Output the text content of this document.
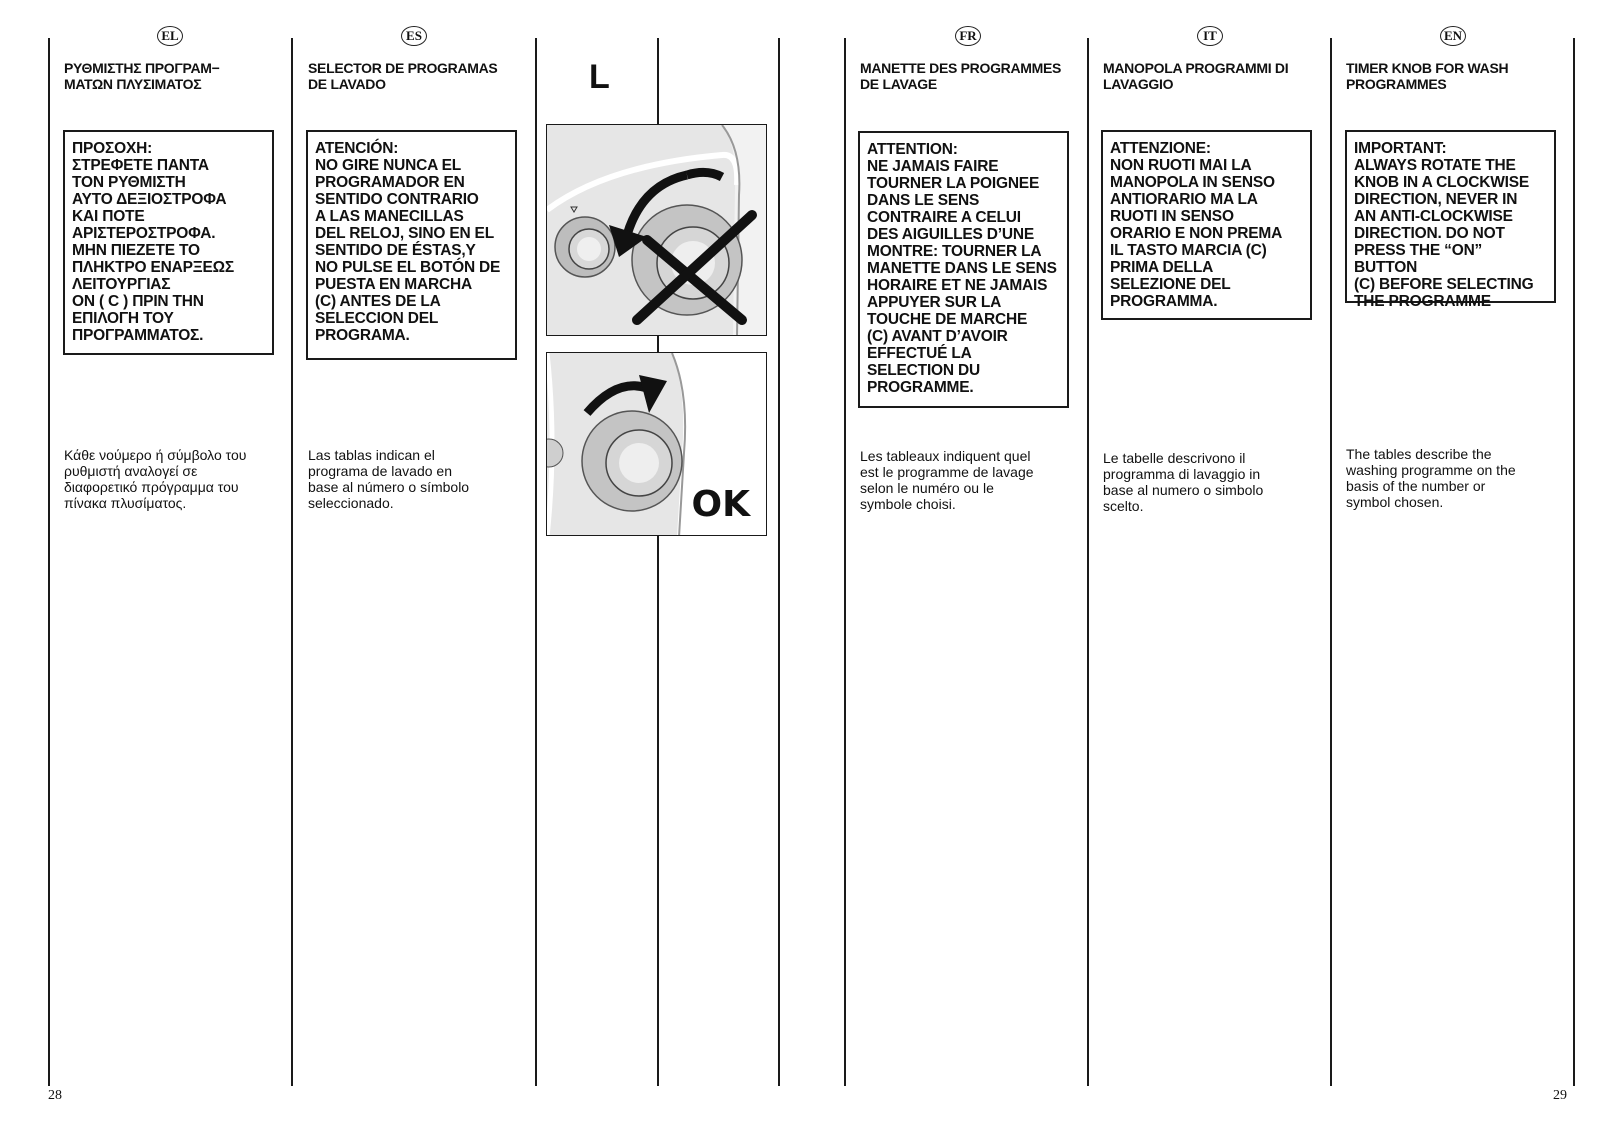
EL
ΡΥΘΜΙΣΤΗΣ ΠΡΟΓΡΑΜ−
ΜΑΤΩΝ ΠΛΥΣΙΜΑΤΟΣ
ΠΡΟΣΟΧΗ:
ΣΤΡΕΦΕΤΕ ΠΑΝΤΑ
ΤΟΝ ΡΥΘΜΙΣΤΗ
ΑΥΤΟ ΔΕΞΙΟΣΤΡΟΦΑ
ΚΑΙ ΠΟΤΕ
ΑΡΙΣΤΕΡΟΣΤΡΟΦΑ.
ΜΗΝ ΠΙΕΖΕΤΕ ΤΟ
ΠΛΗΚΤΡΟ ΕΝΑΡΞΕΩΣ
ΛΕΙΤΟΥΡΓΙΑΣ
ON ( C ) ΠΡΙΝ ΤΗΝ
ΕΠΙΛΟΓΗ ΤΟΥ
ΠΡΟΓΡΑΜΜΑΤΟΣ.
Κάθε νούμερο ή σύμβολο του
ρυθμιστή αναλογεί σε
διαφορετικό πρόγραμμα του
πίνακα πλυσίματος.
ES
SELECTOR DE PROGRAMAS
DE LAVADO
ATENCIÓN:
NO GIRE NUNCA EL
PROGRAMADOR EN
SENTIDO CONTRARIO
A LAS MANECILLAS
DEL RELOJ, SINO EN EL
SENTIDO DE ÉSTAS,Y
NO PULSE EL BOTÓN DE
PUESTA EN MARCHA
(C) ANTES DE LA
SELECCION DEL
PROGRAMA.
Las tablas indican el
programa de lavado en
base al número o símbolo
seleccionado.
L
OK
FR
MANETTE DES PROGRAMMES
DE LAVAGE
ATTENTION:
NE JAMAIS FAIRE
TOURNER LA POIGNEE
DANS LE SENS
CONTRAIRE A CELUI
DES AIGUILLES D’UNE
MONTRE: TOURNER LA
MANETTE DANS LE SENS
HORAIRE ET NE JAMAIS
APPUYER SUR LA
TOUCHE DE MARCHE
(C) AVANT D’AVOIR
EFFECTUÉ LA
SELECTION DU
PROGRAMME.
Les tableaux indiquent quel
est le programme de lavage
selon le numéro ou le
symbole choisi.
IT
MANOPOLA PROGRAMMI DI
LAVAGGIO
ATTENZIONE:
NON RUOTI MAI LA
MANOPOLA IN SENSO
ANTIORARIO MA LA
RUOTI IN SENSO
ORARIO E NON PREMA
IL TASTO MARCIA (C)
PRIMA DELLA
SELEZIONE DEL
PROGRAMMA.
Le tabelle descrivono il
programma di lavaggio in
base al numero o simbolo
scelto.
EN
TIMER KNOB FOR WASH
PROGRAMMES
IMPORTANT:
ALWAYS ROTATE THE
KNOB IN A CLOCKWISE
DIRECTION, NEVER IN
AN ANTI-CLOCKWISE
DIRECTION. DO NOT
PRESS THE “ON” BUTTON
(C) BEFORE SELECTING
THE PROGRAMME
The tables describe the
washing programme on the
basis of the number or
symbol chosen.
28	29
